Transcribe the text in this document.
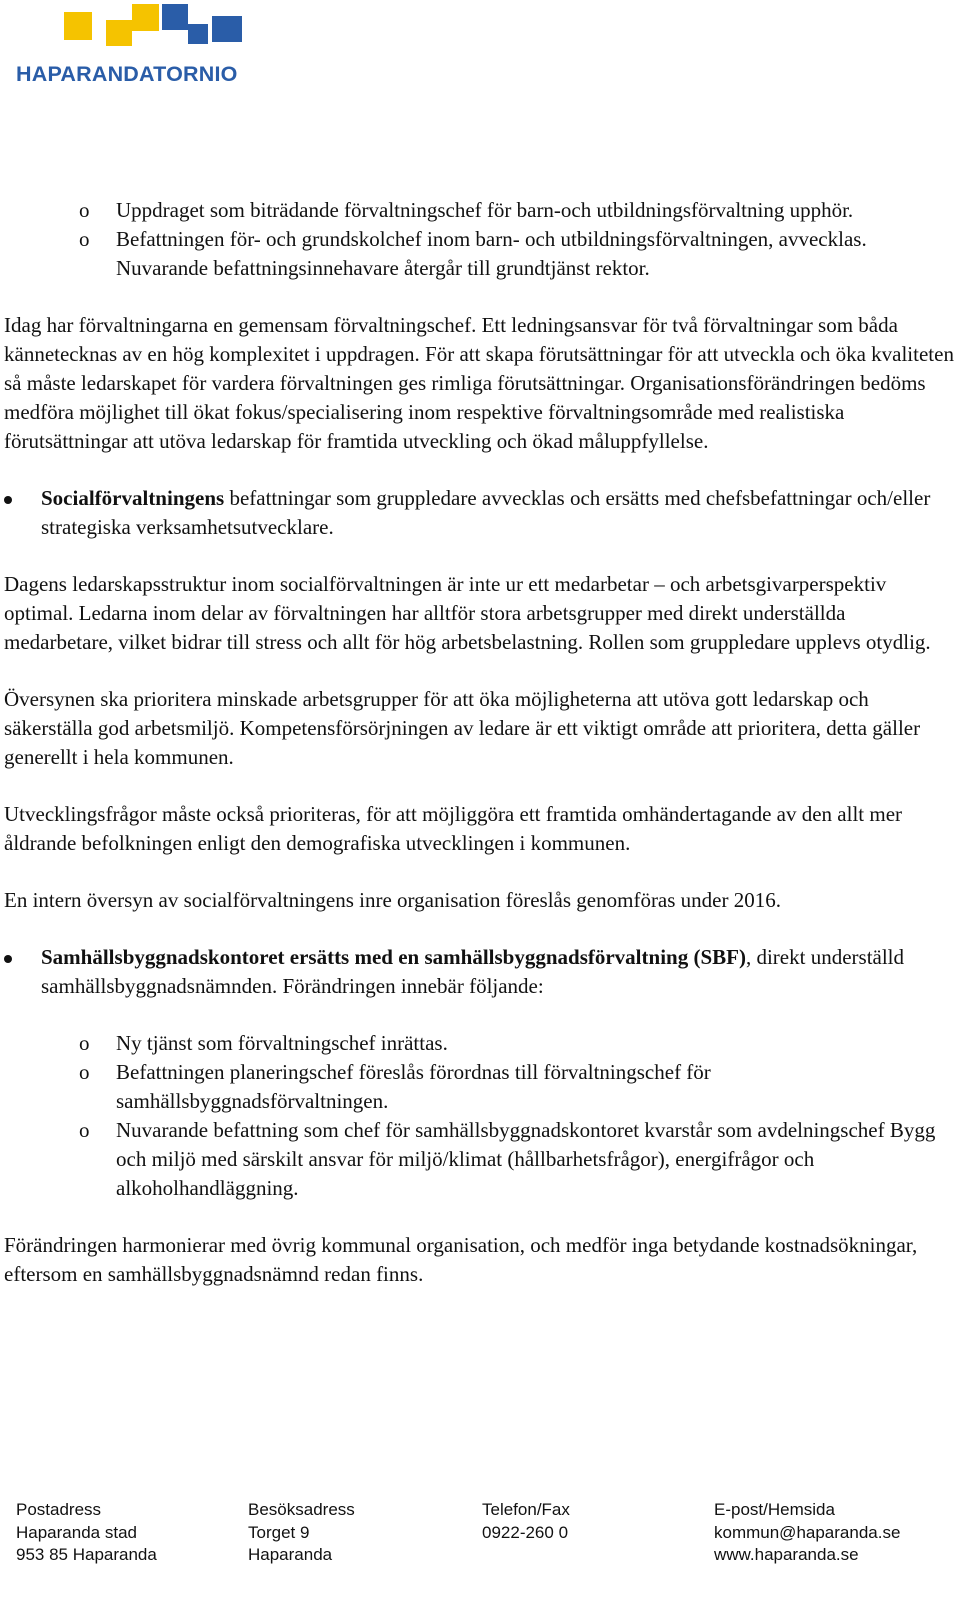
HAPARANDATORNIO

o Uppdraget som biträdande förvaltningschef för barn-och utbildningsförvaltning upphör.

o Befattningen för- och grundskolchef inom barn- och utbildningsförvaltningen, avvecklas. Nuvarande befattningsinnehavare återgår till grundtjänst rektor.

Idag har förvaltningarna en gemensam förvaltningschef. Ett ledningsansvar för två förvaltningar som båda kännetecknas av en hög komplexitet i uppdragen. För att skapa förutsättningar för att utveckla och öka kvaliteten så måste ledarskapet för vardera förvaltningen ges rimliga förutsättningar. Organisationsförändringen bedöms medföra möjlighet till ökat fokus/specialisering inom respektive förvaltningsområde med realistiska förutsättningar att utöva ledarskap för framtida utveckling och ökad måluppfyllelse.

Socialförvaltningens befattningar som gruppledare avvecklas och ersätts med chefsbefattningar och/eller strategiska verksamhetsutvecklare.

Dagens ledarskapsstruktur inom socialförvaltningen är inte ur ett medarbetar – och arbetsgivarperspektiv optimal. Ledarna inom delar av förvaltningen har alltför stora arbetsgrupper med direkt underställda medarbetare, vilket bidrar till stress och allt för hög arbetsbelastning. Rollen som gruppledare upplevs otydlig.

Översynen ska prioritera minskade arbetsgrupper för att öka möjligheterna att utöva gott ledarskap och säkerställa god arbetsmiljö. Kompetensförsörjningen av ledare är ett viktigt område att prioritera, detta gäller generellt i hela kommunen.

Utvecklingsfrågor måste också prioriteras, för att möjliggöra ett framtida omhändertagande av den allt mer åldrande befolkningen enligt den demografiska utvecklingen i kommunen.

En intern översyn av socialförvaltningens inre organisation föreslås genomföras under 2016.

Samhällsbyggnadskontoret ersätts med en samhällsbyggnadsförvaltning (SBF), direkt underställd samhällsbyggnadsnämnden. Förändringen innebär följande:

o Ny tjänst som förvaltningschef inrättas.

o Befattningen planeringschef föreslås förordnas till förvaltningschef för samhällsbyggnadsförvaltningen.

o Nuvarande befattning som chef för samhällsbyggnadskontoret kvarstår som avdelningschef Bygg och miljö med särskilt ansvar för miljö/klimat (hållbarhetsfrågor), energifrågor och alkoholhandläggning.

Förändringen harmonierar med övrig kommunal organisation, och medför inga betydande kostnadsökningar, eftersom en samhällsbyggnadsnämnd redan finns.

Postadress
Haparanda stad
953 85 Haparanda
Besöksadress
Torget 9
Haparanda
Telefon/Fax
0922-260 0
E-post/Hemsida
kommun@haparanda.se
www.haparanda.se
